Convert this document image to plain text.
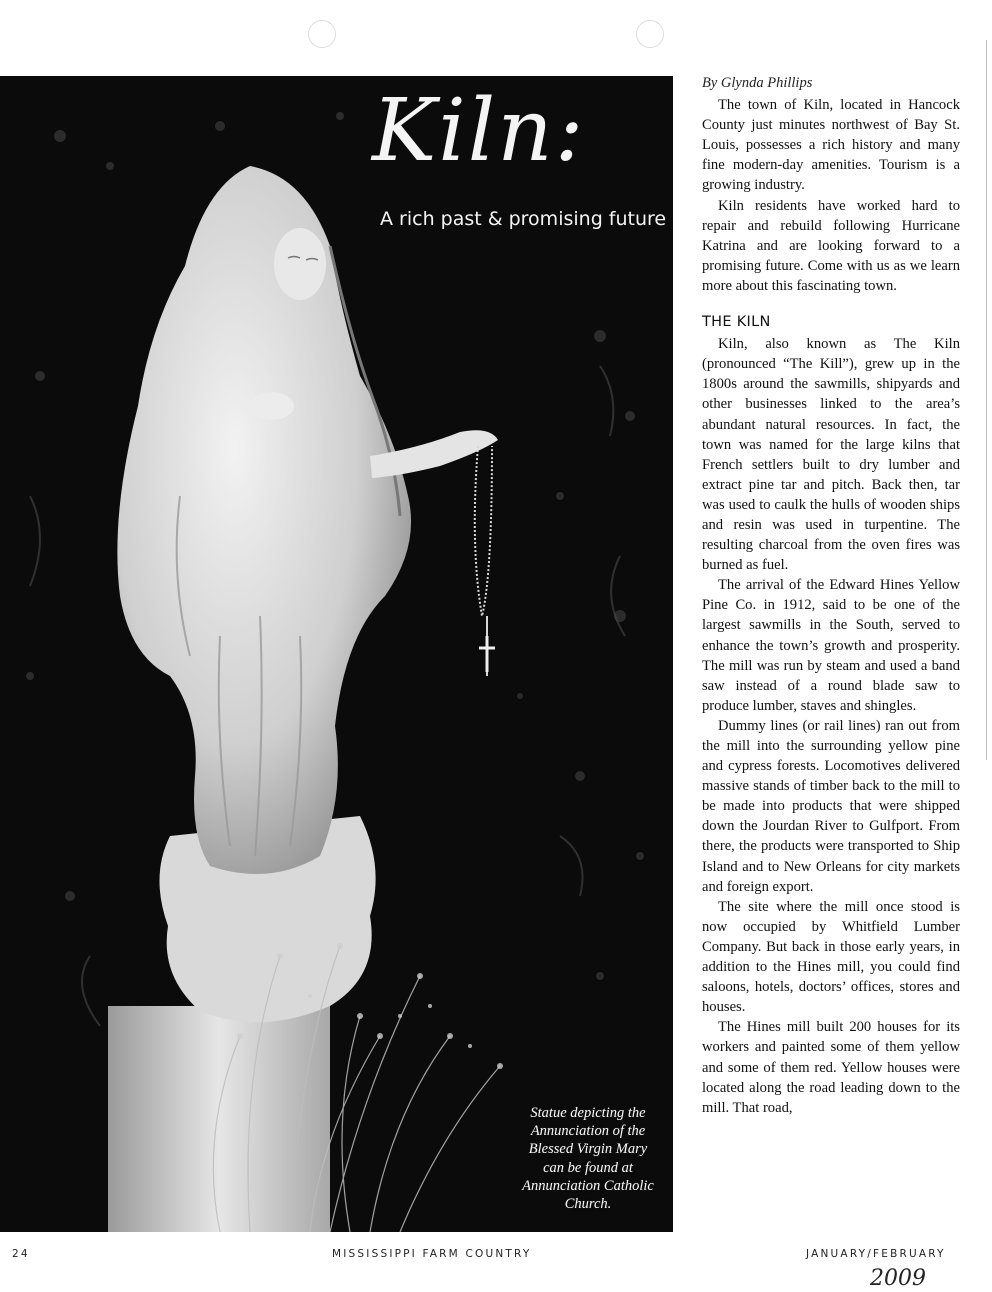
Kiln:
A rich past & promising future
Statue depicting the
Annunciation of the
Blessed Virgin Mary
can be found at
Annunciation Catholic
Church.
By Glynda Phillips

The town of Kiln, located in Hancock County just minutes northwest of Bay St. Louis, possesses a rich history and many fine modern-day amenities. Tourism is a growing industry.

Kiln residents have worked hard to repair and rebuild following Hurricane Katrina and are looking forward to a promising future. Come with us as we learn more about this fascinating town.

THE KILN

Kiln, also known as The Kiln (pronounced “The Kill”), grew up in the 1800s around the sawmills, shipyards and other businesses linked to the area’s abundant natural resources. In fact, the town was named for the large kilns that French settlers built to dry lumber and extract pine tar and pitch. Back then, tar was used to caulk the hulls of wooden ships and resin was used in turpentine. The resulting charcoal from the oven fires was burned as fuel.

The arrival of the Edward Hines Yellow Pine Co. in 1912, said to be one of the largest sawmills in the South, served to enhance the town’s growth and prosperity. The mill was run by steam and used a band saw instead of a round blade saw to produce lumber, staves and shingles.

Dummy lines (or rail lines) ran out from the mill into the surrounding yellow pine and cypress forests. Locomotives delivered massive stands of timber back to the mill to be made into products that were shipped down the Jourdan River to Gulfport. From there, the products were transported to Ship Island and to New Orleans for city markets and foreign export.

The site where the mill once stood is now occupied by Whitfield Lumber Company. But back in those early years, in addition to the Hines mill, you could find saloons, hotels, doctors’ offices, stores and houses.

The Hines mill built 200 houses for its workers and painted some of them yellow and some of them red. Yellow houses were located along the road leading down to the mill. That road,

24	MISSISSIPPI FARM COUNTRY	JANUARY/FEBRUARY
2009
